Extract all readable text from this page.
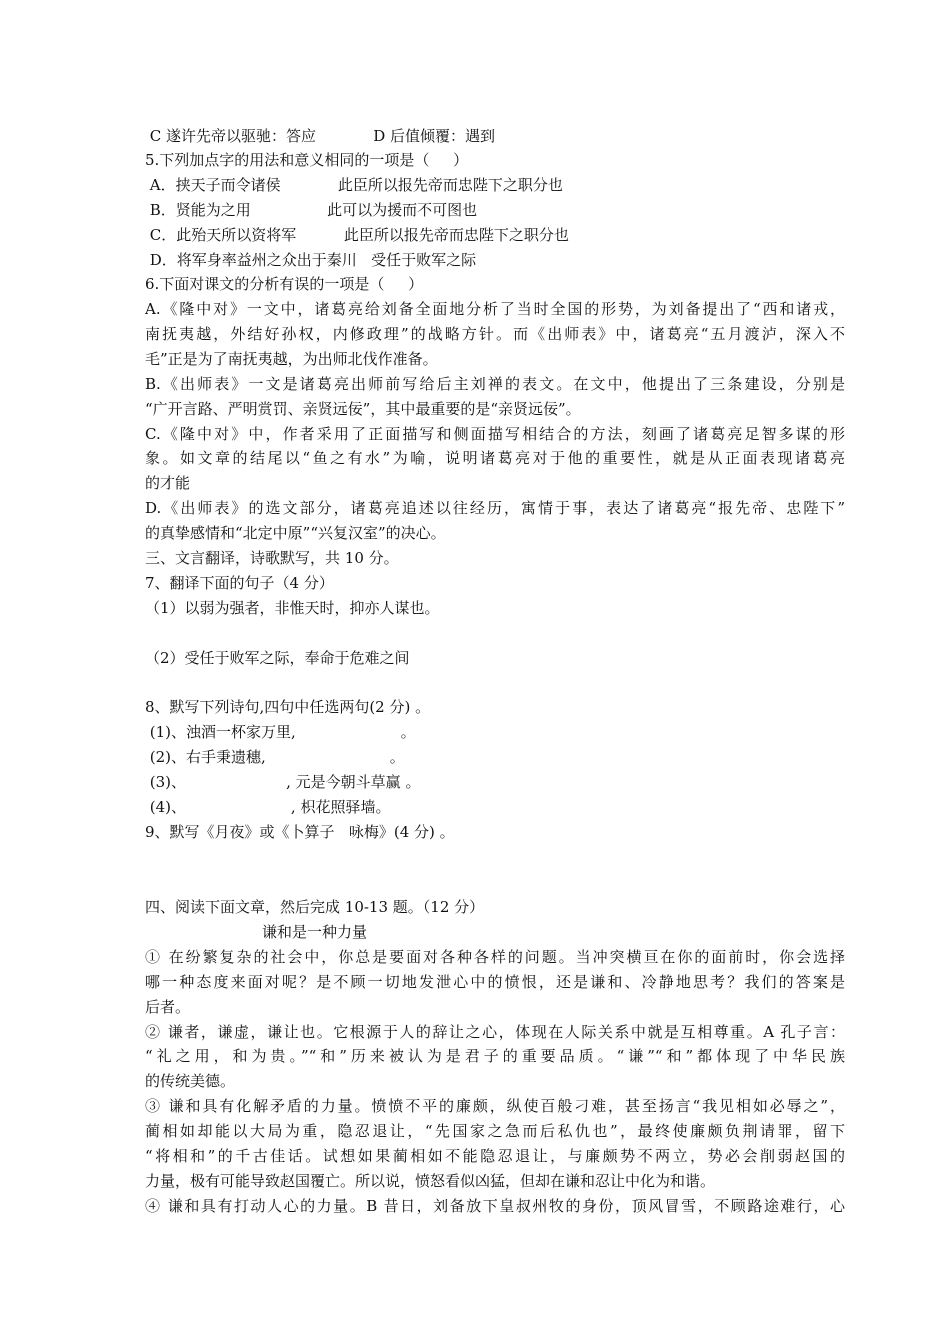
C 遂许先帝以驱驰：答应            D 后值倾覆：遇到
5.下列加点字的用法和意义相同的一项是（     ）
A．挟天子而令诸侯            此臣所以报先帝而忠陛下之职分也
B．贤能为之用                此可以为援而不可图也
C．此殆天所以资将军          此臣所以报先帝而忠陛下之职分也
D．将军身率益州之众出于秦川   受任于败军之际
6.下面对课文的分析有误的一项是（     ）
A.《隆中对》一文中，诸葛亮给刘备全面地分析了当时全国的形势，为刘备提出了“西和诸戎，
南抚夷越，外结好孙权，内修政理”的战略方针。而《出师表》中，诸葛亮“五月渡泸，深入不
毛”正是为了南抚夷越，为出师北伐作准备。
B.《出师表》一文是诸葛亮出师前写给后主刘禅的表文。在文中，他提出了三条建设，分别是
“广开言路、严明赏罚、亲贤远佞”，其中最重要的是“亲贤远佞”。
C.《隆中对》中，作者采用了正面描写和侧面描写相结合的方法，刻画了诸葛亮足智多谋的形
象。如文章的结尾以“鱼之有水”为喻，说明诸葛亮对于他的重要性，就是从正面表现诸葛亮
的才能
D.《出师表》的选文部分，诸葛亮追述以往经历，寓情于事，表达了诸葛亮“报先帝、忠陛下”
的真挚感情和“北定中原”“兴复汉室”的决心。
三、文言翻译，诗歌默写，共 10 分。
7、翻译下面的句子（4 分）
（1）以弱为强者，非惟天时，抑亦人谋也。
（2）受任于败军之际，奉命于危难之间
8、默写下列诗句,四句中任选两句(2 分) 。
(1)、浊酒一杯家万里,                      。
(2)、右手秉遗穗,                          。
(3)、                     , 元是今朝斗草赢 。
(4)、                      , 枳花照驿墙。
9、默写《月夜》或《卜算子   咏梅》(4 分) 。
四、阅读下面文章，然后完成 10-13 题。（12 分）
谦和是一种力量
① 在纷繁复杂的社会中，你总是要面对各种各样的问题。当冲突横亘在你的面前时，你会选择
哪一种态度来面对呢？是不顾一切地发泄心中的愤恨，还是谦和、冷静地思考？我们的答案是
后者。
② 谦者，谦虚，谦让也。它根源于人的辞让之心，体现在人际关系中就是互相尊重。A 孔子言：
“礼之用，和为贵。”“和”历来被认为是君子的重要品质。“谦”“和”都体现了中华民族
的传统美德。
③ 谦和具有化解矛盾的力量。愤愤不平的廉颇，纵使百般刁难，甚至扬言“我见相如必辱之”，
蔺相如却能以大局为重，隐忍退让，“先国家之急而后私仇也”，最终使廉颇负荆请罪，留下
“将相和”的千古佳话。试想如果蔺相如不能隐忍退让，与廉颇势不两立，势必会削弱赵国的
力量，极有可能导致赵国覆亡。所以说，愤怒看似凶猛，但却在谦和忍让中化为和谐。
④ 谦和具有打动人心的力量。B 昔日，刘备放下皇叔州牧的身份，顶风冒雪，不顾路途难行，心
